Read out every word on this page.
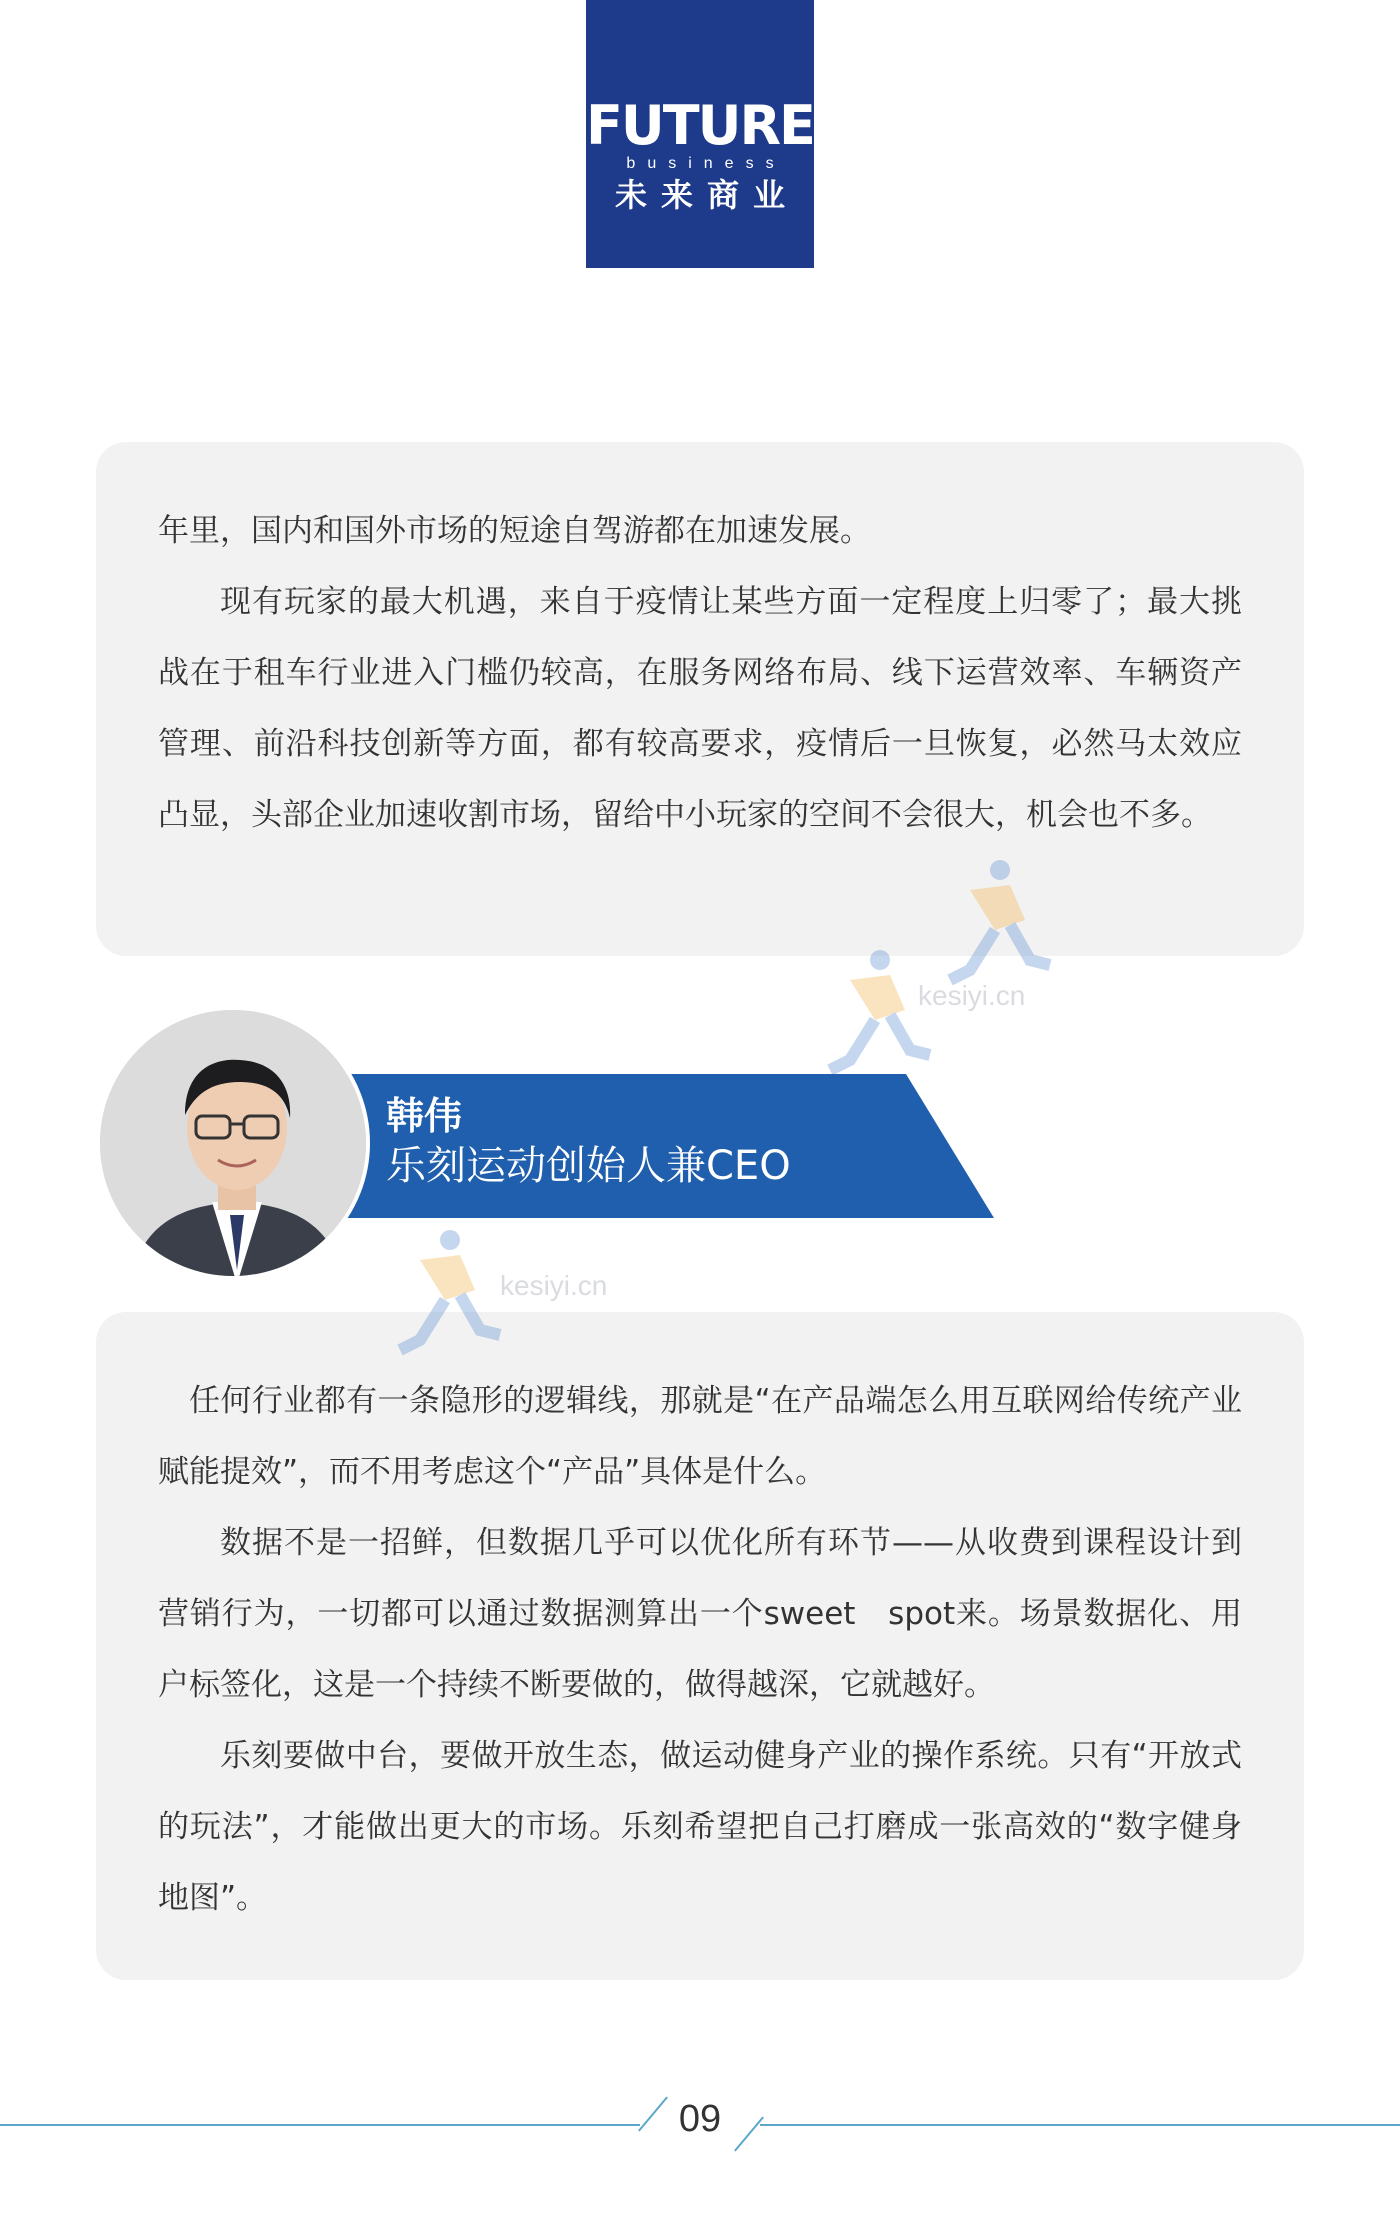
FUTURE
business
未来商业

年里，国内和国外市场的短途自驾游都在加速发展。

现有玩家的最大机遇，来自于疫情让某些方面一定程度上归零了；最大挑战在于租车行业进入门槛仍较高，在服务网络布局、线下运营效率、车辆资产管理、前沿科技创新等方面，都有较高要求，疫情后一旦恢复，必然马太效应凸显，头部企业加速收割市场，留给中小玩家的空间不会很大，机会也不多。

kesiyi.cn
kesiyi.cn
韩伟
乐刻运动创始人兼CEO

任何行业都有一条隐形的逻辑线，那就是“在产品端怎么用互联网给传统产业赋能提效”，而不用考虑这个“产品”具体是什么。

数据不是一招鲜，但数据几乎可以优化所有环节——从收费到课程设计到营销行为，一切都可以通过数据测算出一个sweet　spot来。场景数据化、用户标签化，这是一个持续不断要做的，做得越深，它就越好。

乐刻要做中台，要做开放生态，做运动健身产业的操作系统。只有“开放式的玩法”，才能做出更大的市场。乐刻希望把自己打磨成一张高效的“数字健身地图”。

09
